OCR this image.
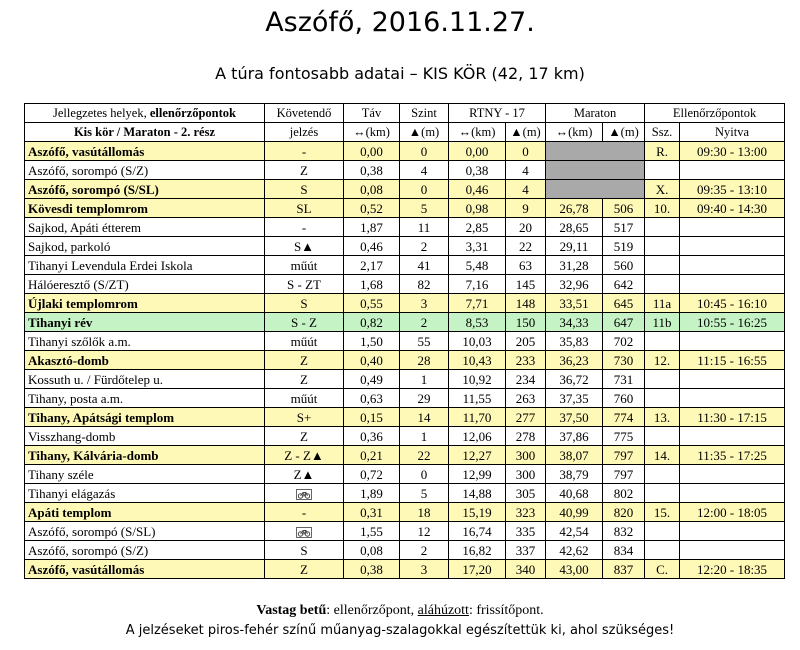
Aszófő, 2016.11.27.
A túra fontosabb adatai – KIS KÖR (42, 17 km)
Jellegzetes helyek, ellenőrzőpontok	Követendő	Táv	Szint	RTNY - 17		Maraton		Ellenőrzőpontok	
Kis kör / Maraton - 2. rész	jelzés	↔(km)	▲(m)	↔(km)	▲(m)	↔(km)	▲(m)	Ssz.	Nyitva
Aszófő, vasútállomás	-	0,00	0	0,00	0			R.	09:30 - 13:00
Aszófő, sorompó (S/Z)	Z	0,38	4	0,38	4				
Aszófő, sorompó (S/SL)	S	0,08	0	0,46	4			X.	09:35 - 13:10
Kövesdi templomrom	SL	0,52	5	0,98	9	26,78	506	10.	09:40 - 14:30
Sajkod, Apáti étterem	-	1,87	11	2,85	20	28,65	517		
Sajkod, parkoló	S▲	0,46	2	3,31	22	29,11	519		
Tihanyi Levendula Erdei Iskola	műút	2,17	41	5,48	63	31,28	560		
Hálóeresztő (S/ZT)	S - ZT	1,68	82	7,16	145	32,96	642		
Újlaki templomrom	S	0,55	3	7,71	148	33,51	645	11a	10:45 - 16:10
Tihanyi rév	S - Z	0,82	2	8,53	150	34,33	647	11b	10:55 - 16:25
Tihanyi szőlők a.m.	műút	1,50	55	10,03	205	35,83	702		
Akasztó-domb	Z	0,40	28	10,43	233	36,23	730	12.	11:15 - 16:55
Kossuth u. / Fürdőtelep u.	Z	0,49	1	10,92	234	36,72	731		
Tihany, posta a.m.	műút	0,63	29	11,55	263	37,35	760		
Tihany, Apátsági templom	S+	0,15	14	11,70	277	37,50	774	13.	11:30 - 17:15
Visszhang-domb	Z	0,36	1	12,06	278	37,86	775		
Tihany, Kálvária-domb	Z - Z▲	0,21	22	12,27	300	38,07	797	14.	11:35 - 17:25
Tihany széle	Z▲	0,72	0	12,99	300	38,79	797		
Tihanyi elágazás		1,89	5	14,88	305	40,68	802		
Apáti templom	-	0,31	18	15,19	323	40,99	820	15.	12:00 - 18:05
Aszófő, sorompó (S/SL)		1,55	12	16,74	335	42,54	832		
Aszófő, sorompó (S/Z)	S	0,08	2	16,82	337	42,62	834		
Aszófő, vasútállomás	Z	0,38	3	17,20	340	43,00	837	C.	12:20 - 18:35
Vastag betű: ellenőrzőpont, aláhúzott: frissítőpont.
A jelzéseket piros-fehér színű műanyag-szalagokkal egészítettük ki, ahol szükséges!
